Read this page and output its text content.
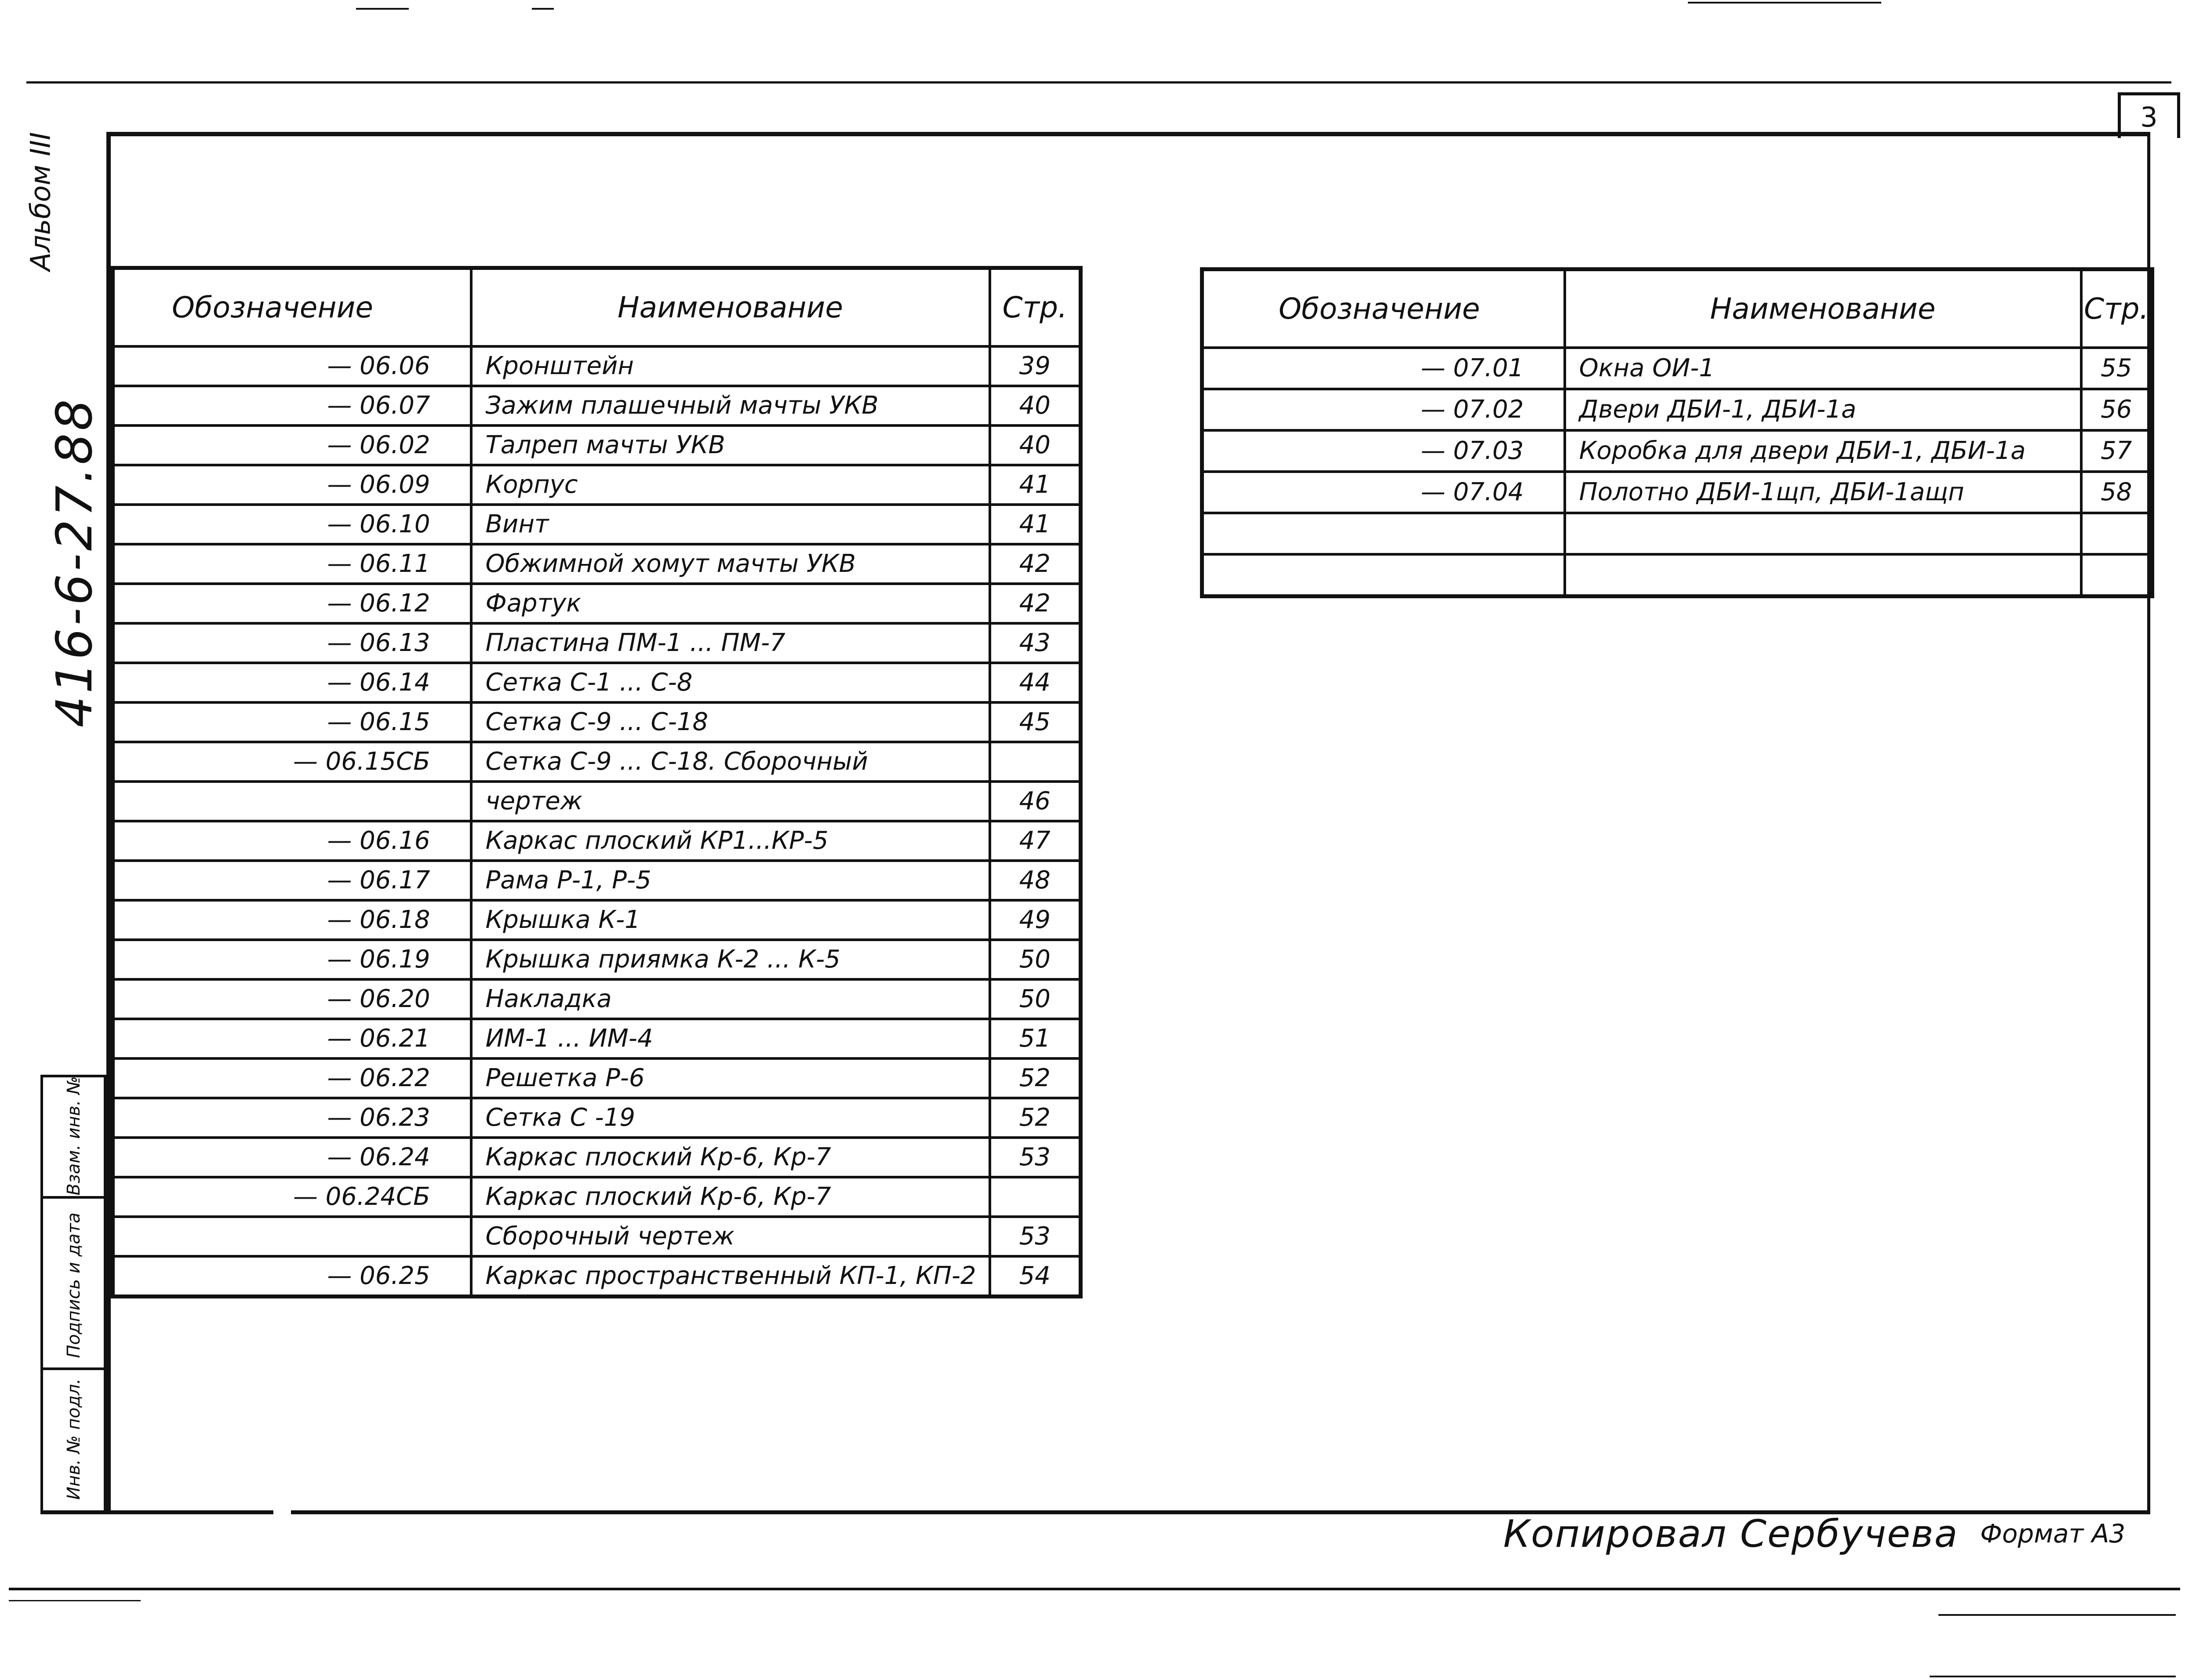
3
Альбом III
416-6-27.88
Обозначение	Наименование	Стр.
— 06.06	Кронштейн	39
— 06.07	Зажим плашечный мачты УКВ	40
— 06.02	Талреп мачты УКВ	40
— 06.09	Корпус	41
— 06.10	Винт	41
— 06.11	Обжимной хомут мачты УКВ	42
— 06.12	Фартук	42
— 06.13	Пластина ПМ-1 ... ПМ-7	43
— 06.14	Сетка С-1 ... С-8	44
— 06.15	Сетка С-9 ... С-18	45
— 06.15СБ	Сетка С-9 ... С-18. Сборочный	
	чертеж	46
— 06.16	Каркас плоский КР1...КР-5	47
— 06.17	Рама Р-1, Р-5	48
— 06.18	Крышка К-1	49
— 06.19	Крышка приямка К-2 ... К-5	50
— 06.20	Накладка	50
— 06.21	ИМ-1 ... ИМ-4	51
— 06.22	Решетка Р-6	52
— 06.23	Сетка С -19	52
— 06.24	Каркас плоский Кр-6, Кр-7	53
— 06.24СБ	Каркас плоский Кр-6, Кр-7	
	Сборочный чертеж	53
— 06.25	Каркас пространственный КП-1, КП-2	54
Обозначение	Наименование	Стр.
— 07.01	Окна ОИ-1	55
— 07.02	Двери ДБИ-1, ДБИ-1а	56
— 07.03	Коробка для двери ДБИ-1, ДБИ-1а	57
— 07.04	Полотно ДБИ-1щп, ДБИ-1ащп	58

Взам. инв. №
Подпись и дата
Инв. № подл.
Копировал Сербучева Формат А3
